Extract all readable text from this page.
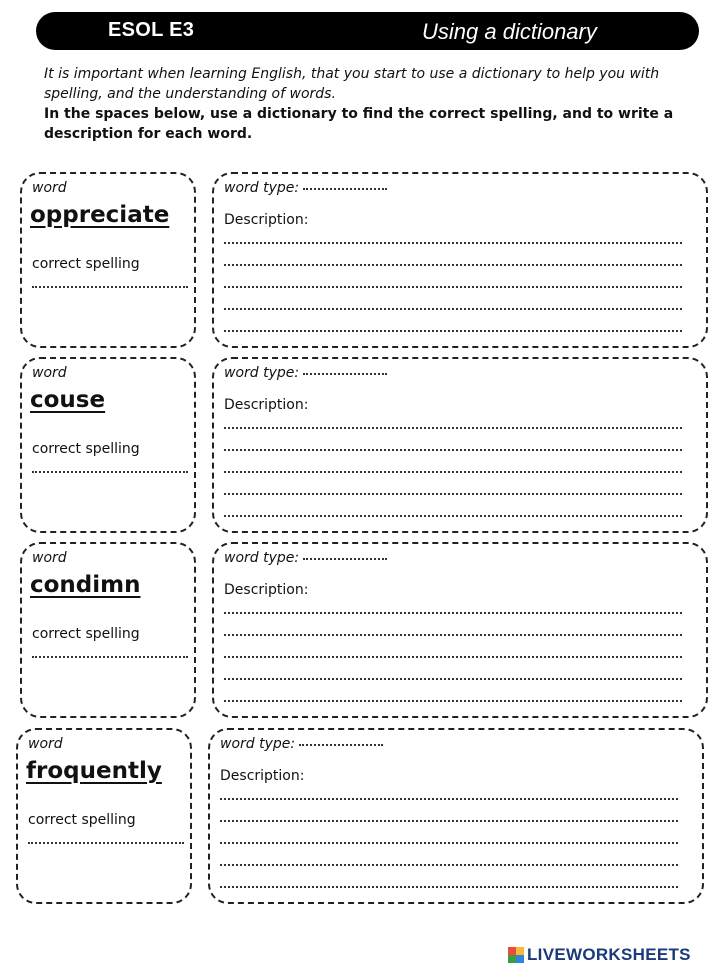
ESOL E3	Using a dictionary
It is important when learning English, that you start to use a dictionary to help you with spelling, and the understanding of words.
In the spaces below, use a dictionary to find the correct spelling, and to write a description for each word.
word
oppreciate
correct spelling
word type:
Description:
word
couse
correct spelling
word type:
Description:
word
condimn
correct spelling
word type:
Description:
word
froquently
correct spelling
word type:
Description:
LIVEWORKSHEETS
